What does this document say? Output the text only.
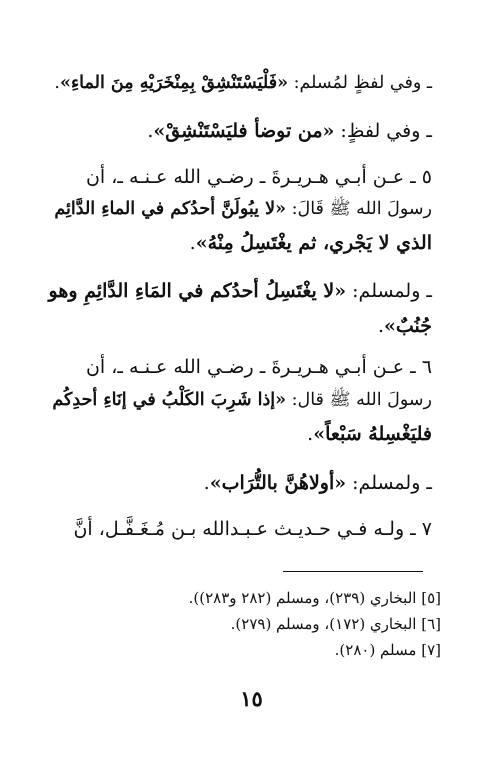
ـ وفي لفظٍ لمُسلم: «فَلْيَسْتَنْشِقْ بِمِنْخَرَيْهِ مِنَ الماءِ».
ـ وفي لفظٍ: «من توضأ فليَسْتَنْشِقْ».
٥ ـ عـن أبـي هـريـرةَ ـ رضـي الله عـنـه ـ، أن
رسولَ الله ﷺ قَالَ: «لا يبُولَنَّ أحدُكم في الماءِ الدَّائِم
الذي لا يَجْري، ثم يغْتَسِلُ مِنْهُ».
ـ ولمسلم: «لا يغْتَسِلُ أحدُكم في المَاءِ الدَّائِمِ وهو
جُنُبٌ».
٦ ـ عـن أبـي هـريـرةَ ـ رضـي الله عـنـه ـ، أن
رسولَ الله ﷺ قال: «إذا شَرِبَ الكَلْبُ في إنَاءِ أحدِكُم
فليَغْسِلهُ سَبْعاً».
ـ ولمسلم: «أولاهُنَّ بالتُّرَاب».
٧ ـ ولـه فـي حـديـث عـبـدالله بـن مُـغَـفَّـل، أنَّ
[٥] البخاري (٢٣٩)، ومسلم (٢٨٢ و٢٨٣)).
[٦] البخاري (١٧٢)، ومسلم (٢٧٩).
[٧] مسلم (٢٨٠).
١٥
